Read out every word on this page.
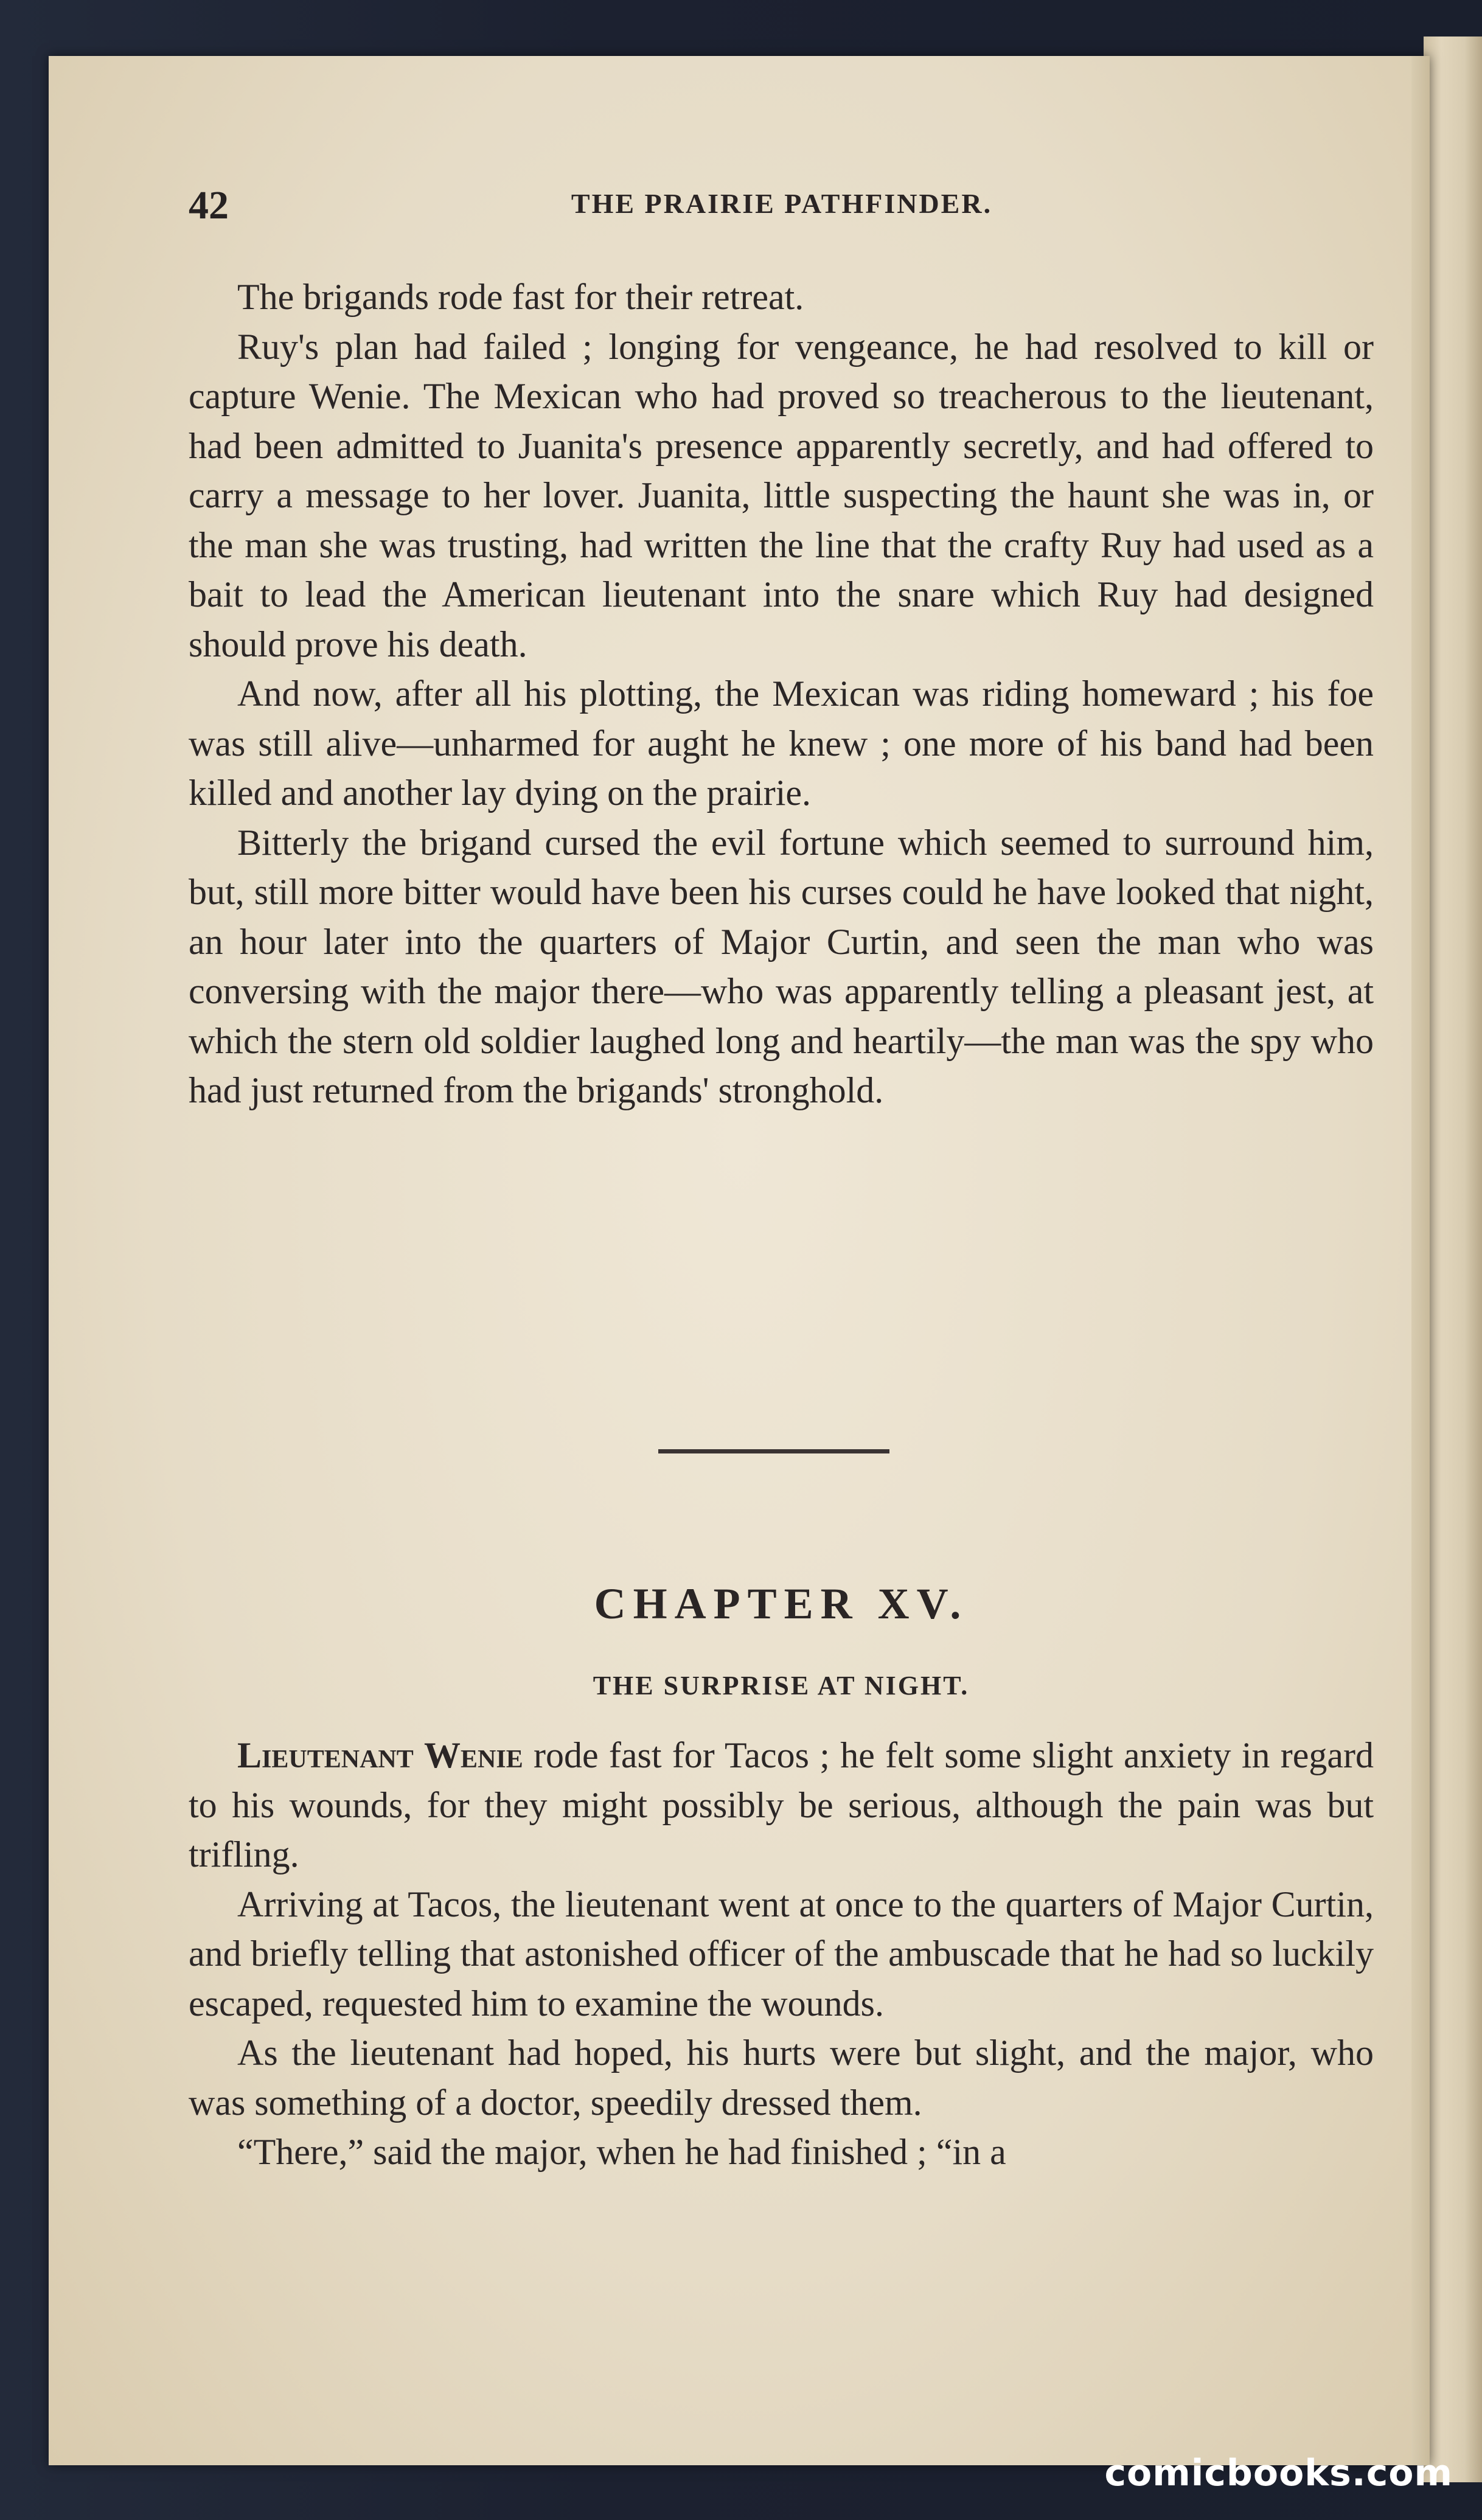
42	THE PRAIRIE PATHFINDER.

The brigands rode fast for their retreat.

Ruy's plan had failed ; longing for vengeance, he had resolved to kill or capture Wenie. The Mexican who had proved so treacherous to the lieutenant, had been admitted to Juanita's presence apparently secretly, and had offered to carry a message to her lover. Juanita, little suspecting the haunt she was in, or the man she was trusting, had written the line that the crafty Ruy had used as a bait to lead the American lieutenant into the snare which Ruy had designed should prove his death.

And now, after all his plotting, the Mexican was riding homeward ; his foe was still alive—unharmed for aught he knew ; one more of his band had been killed and another lay dying on the prairie.

Bitterly the brigand cursed the evil fortune which seemed to surround him, but, still more bitter would have been his curses could he have looked that night, an hour later into the quarters of Major Curtin, and seen the man who was conversing with the major there—who was apparently telling a pleasant jest, at which the stern old soldier laughed long and heartily—the man was the spy who had just returned from the brigands' stronghold.

CHAPTER XV.
THE SURPRISE AT NIGHT.

Lieutenant Wenie rode fast for Tacos ; he felt some slight anxiety in regard to his wounds, for they might possibly be serious, although the pain was but trifling.

Arriving at Tacos, the lieutenant went at once to the quarters of Major Curtin, and briefly telling that astonished officer of the ambuscade that he had so luckily escaped, requested him to examine the wounds.

As the lieutenant had hoped, his hurts were but slight, and the major, who was something of a doctor, speedily dressed them.

“There,” said the major, when he had finished ; “in a

comicbooks.com
